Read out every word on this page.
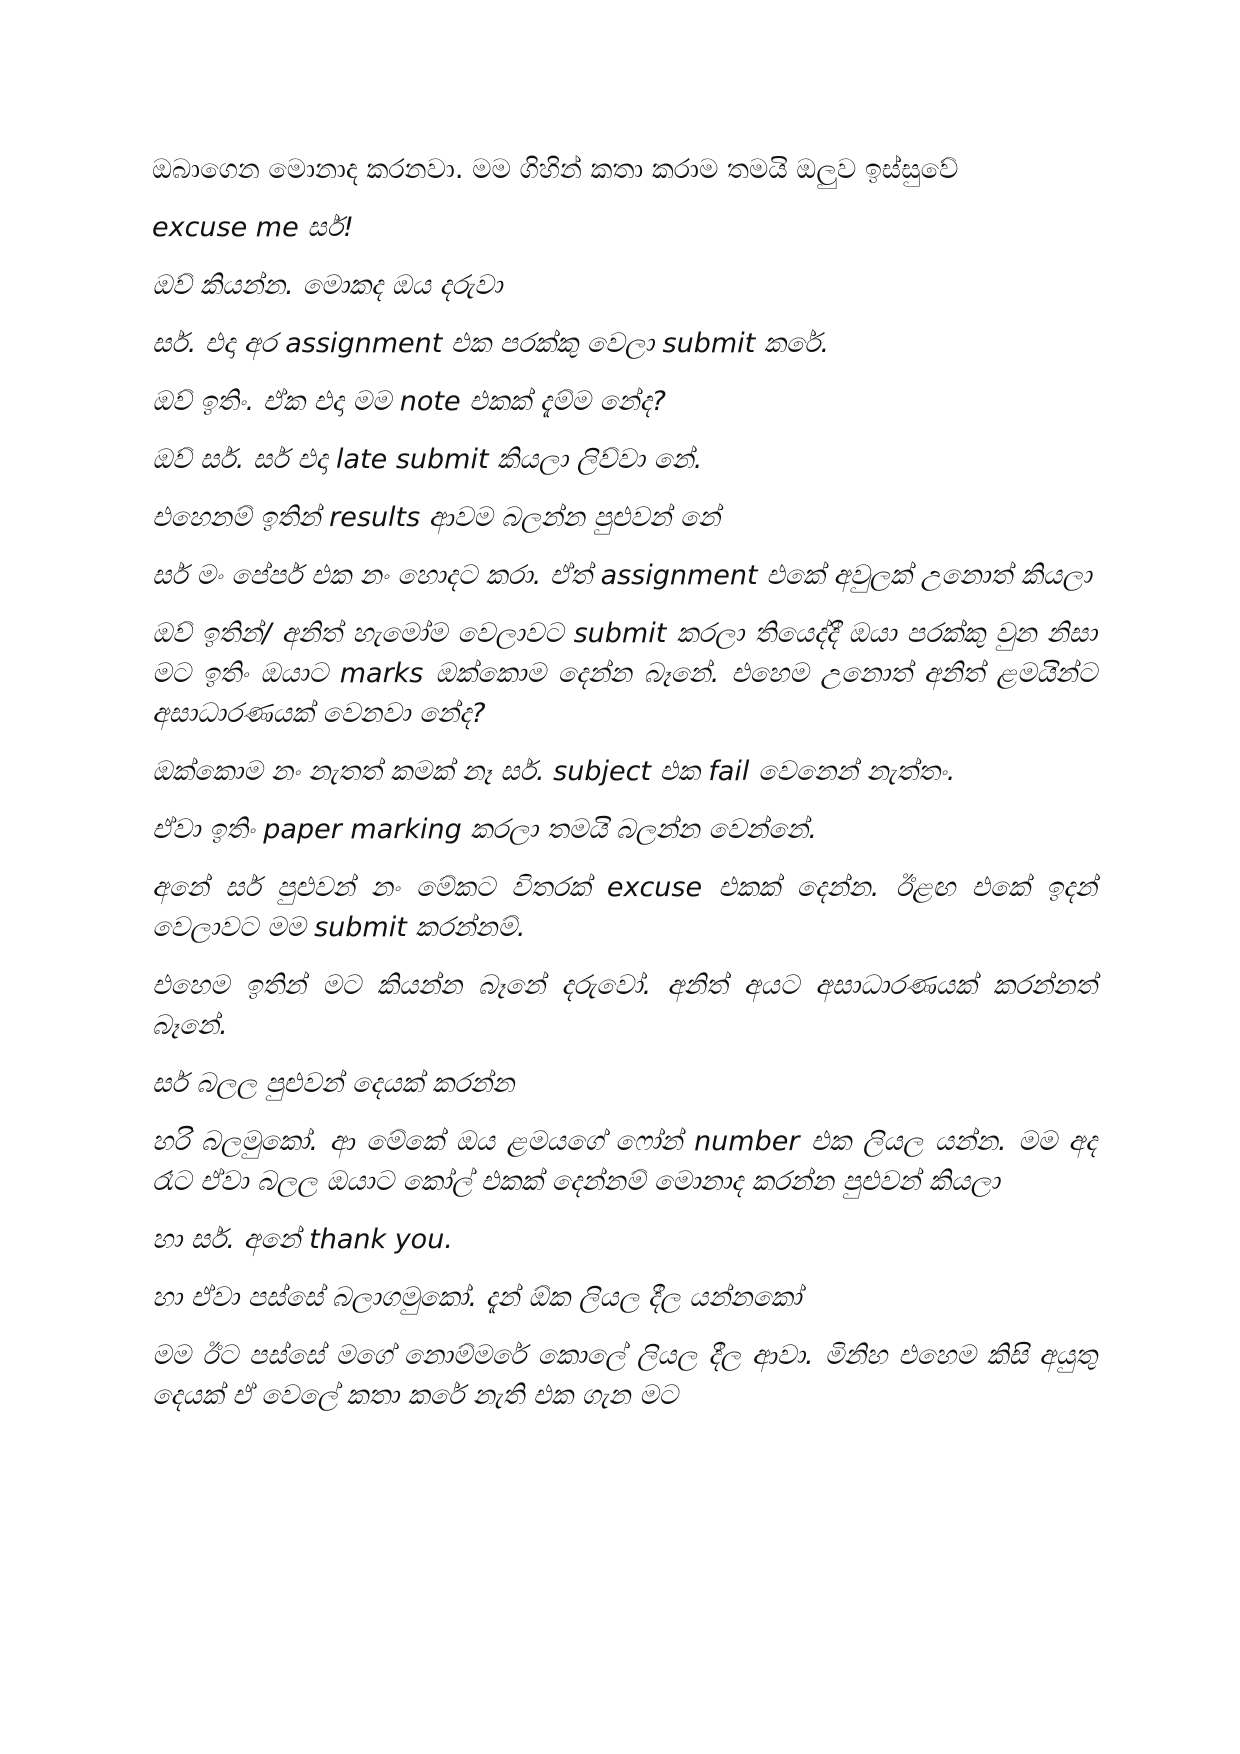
ඔබාගෙන මොනාද කරනවා. මම ගිහින් කතා කරාම තමයි ඔලුව ඉස්සුවේ

excuse me සර්!

ඔව් කියන්න. මොකද ඔය දරුවා

සර්. එදා අර assignment එක පරක්කු වෙලා submit කරේ.

ඔව් ඉතිං. ඒක එදා මම note එකක් දැම්ම නේද?

ඔව් සර්. සර් එදා late submit කියලා ලිව්වා නේ.

එහෙනම් ඉතින් results ආවම බලන්න පුළුවන් නේ

සර් මං පේපර් එක නං හොදට කරා. ඒත් assignment එකේ අවුලක් උනොත් කියලා

ඔව් ඉතින්/ අනිත් හැමෝම වෙලාවට submit කරලා තියෙද්දී ඔයා පරක්කු වුන නිසා මට ඉතිං ඔයාට marks ඔක්කොම දෙන්න බෑනේ. එහෙම උනොත් අනිත් ළමයින්ට අසාධාරණයක් වෙනවා නේද?

ඔක්කොම නං නැතත් කමක් නෑ සර්. subject එක fail වෙනෙන් නැත්තං.

ඒවා ඉතිං paper marking කරලා තමයි බලන්න වෙන්නේ.

අනේ සර් පුළුවන් නං මේකට විතරක් excuse එකක් දෙන්න. ඊළඟ එකේ ඉදන් වෙලාවට මම submit කරන්නම්.

එහෙම ඉතින් මට කියන්න බෑනේ දරුවෝ. අනිත් අයට අසාධාරණයක් කරන්නත් බෑනේ.

සර් බලල පුළුවන් දෙයක් කරන්න

හරි බලමුකෝ. ආ මේකේ ඔය ළමයගේ ෆෝන් number එක ලියල යන්න. මම අද රෑට ඒවා බලල ඔයාට කෝල් එකක් දෙන්නම් මොනාද කරන්න පුළුවන් කියලා

හා සර්. අනේ thank you.

හා ඒවා පස්සේ බලාගමුකෝ. දැන් ඕක ලියල දීල යන්නකෝ

මම ඊට පස්සේ මගේ නොම්මරේ කොලේ ලියල දීල ආවා. මිනිහ එහෙම කිසි අයුතු දෙයක් ඒ වෙලේ කතා කරේ නැති එක ගැන මට
